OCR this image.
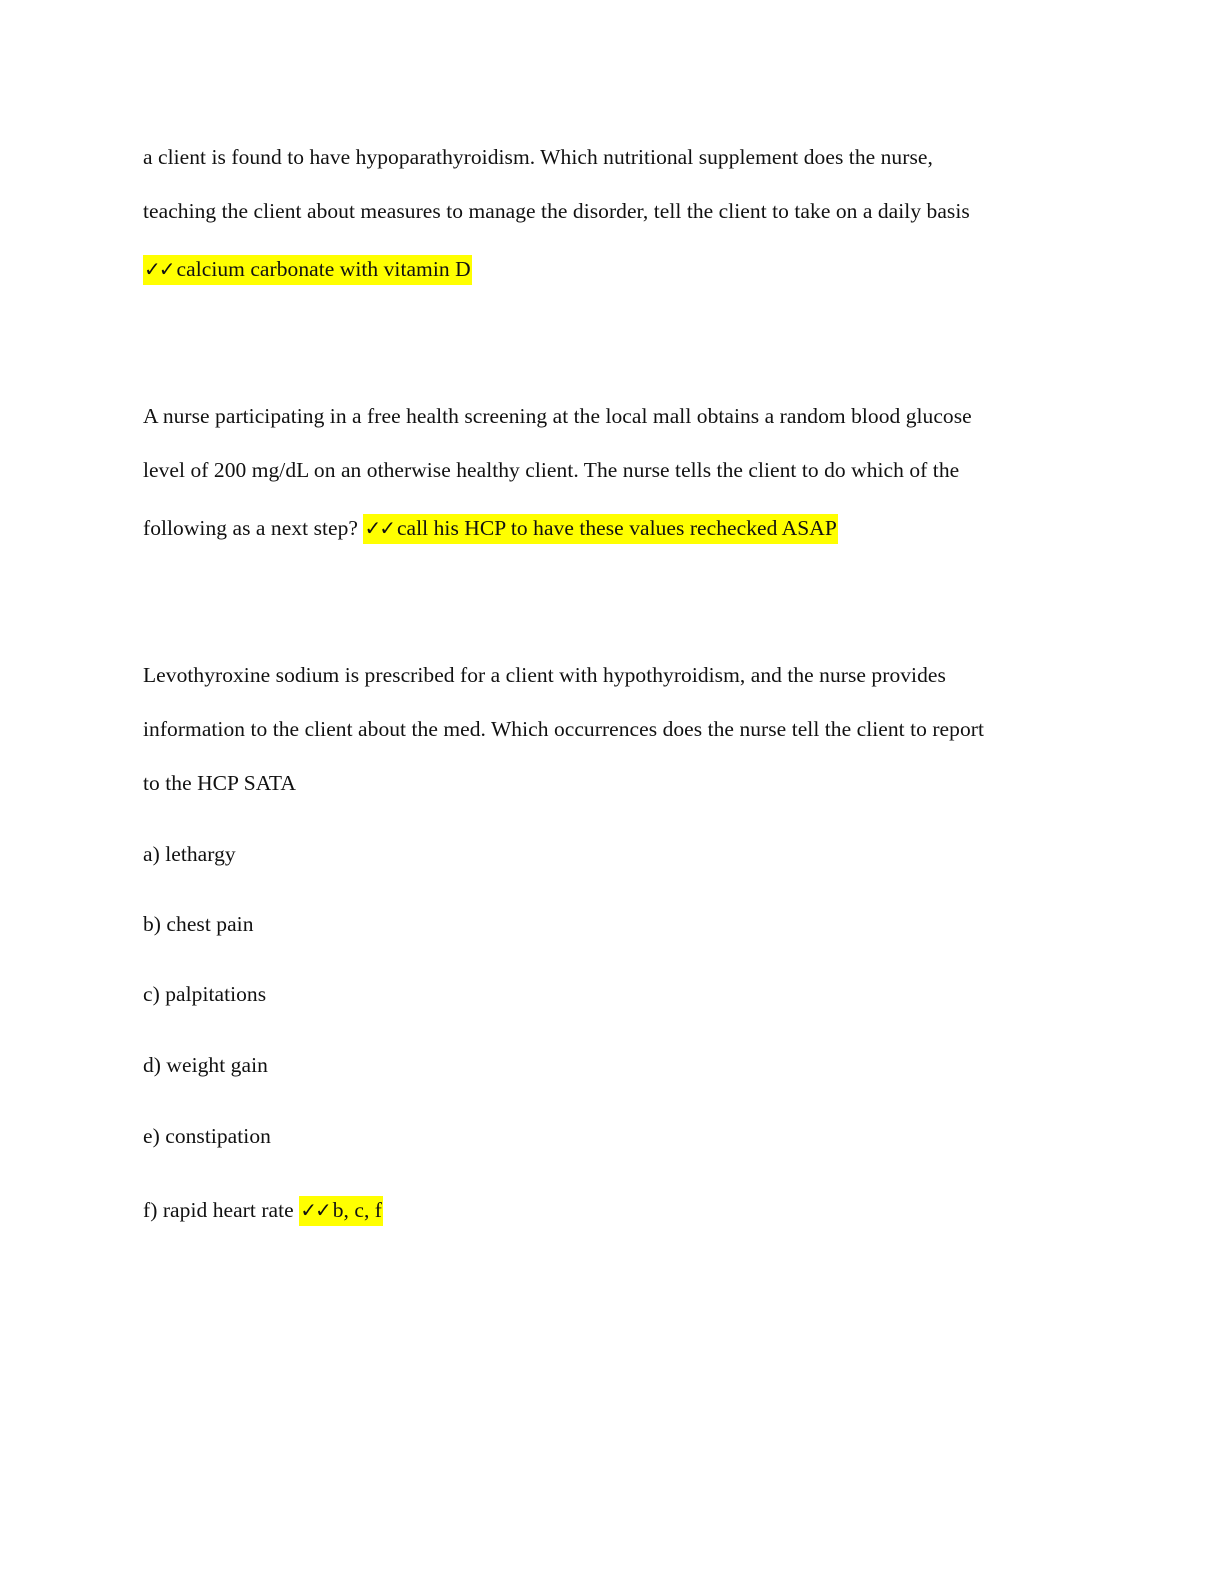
a client is found to have hypoparathyroidism. Which nutritional supplement does the nurse,
teaching the client about measures to manage the disorder, tell the client to take on a daily basis
✓✓ calcium carbonate with vitamin D
A nurse participating in a free health screening at the local mall obtains a random blood glucose
level of 200 mg/dL on an otherwise healthy client. The nurse tells the client to do which of the
following as a next step? ✓✓ call his HCP to have these values rechecked ASAP
Levothyroxine sodium is prescribed for a client with hypothyroidism, and the nurse provides
information to the client about the med. Which occurrences does the nurse tell the client to report
to the HCP SATA
a) lethargy
b) chest pain
c) palpitations
d) weight gain
e) constipation
f) rapid heart rate ✓✓ b, c, f
